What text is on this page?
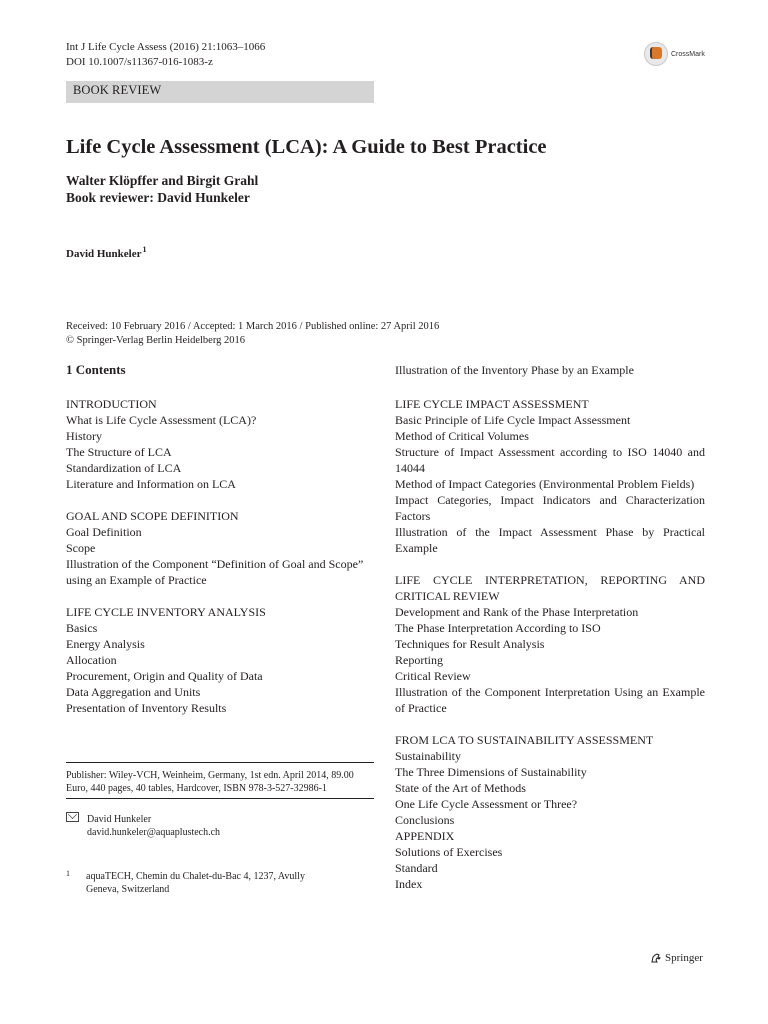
Int J Life Cycle Assess (2016) 21:1063–1066
DOI 10.1007/s11367-016-1083-z
CrossMark
BOOK REVIEW
Life Cycle Assessment (LCA): A Guide to Best Practice
Walter Klöpffer and Birgit Grahl
Book reviewer: David Hunkeler
David Hunkeler$^1$
Received: 10 February 2016 / Accepted: 1 March 2016 / Published online: 27 April 2016
© Springer-Verlag Berlin Heidelberg 2016
1 Contents
INTRODUCTION
What is Life Cycle Assessment (LCA)?
History
The Structure of LCA
Standardization of LCA
Literature and Information on LCA
GOAL AND SCOPE DEFINITION
Goal Definition
Scope
Illustration of the Component “Definition of Goal and Scope”
using an Example of Practice
LIFE CYCLE INVENTORY ANALYSIS
Basics
Energy Analysis
Allocation
Procurement, Origin and Quality of Data
Data Aggregation and Units
Presentation of Inventory Results
Illustration of the Inventory Phase by an Example
LIFE CYCLE IMPACT ASSESSMENT
Basic Principle of Life Cycle Impact Assessment
Method of Critical Volumes
Structure of Impact Assessment according to ISO 14040 and 14044
Method of Impact Categories (Environmental Problem Fields)
Impact Categories, Impact Indicators and Characterization Factors
Illustration of the Impact Assessment Phase by Practical Example
LIFE CYCLE INTERPRETATION, REPORTING AND CRITICAL REVIEW
Development and Rank of the Phase Interpretation
The Phase Interpretation According to ISO
Techniques for Result Analysis
Reporting
Critical Review
Illustration of the Component Interpretation Using an Example of Practice
FROM LCA TO SUSTAINABILITY ASSESSMENT
Sustainability
The Three Dimensions of Sustainability
State of the Art of Methods
One Life Cycle Assessment or Three?
Conclusions
APPENDIX
Solutions of Exercises
Standard
Index
Publisher: Wiley-VCH, Weinheim, Germany, 1st edn. April 2014, 89.00
Euro, 440 pages, 40 tables, Hardcover, ISBN 978-3-527-32986-1
David Hunkeler
david.hunkeler@aquaplustech.ch
1 aquaTECH, Chemin du Chalet-du-Bac 4, 1237, Avully
Geneva, Switzerland
Springer
